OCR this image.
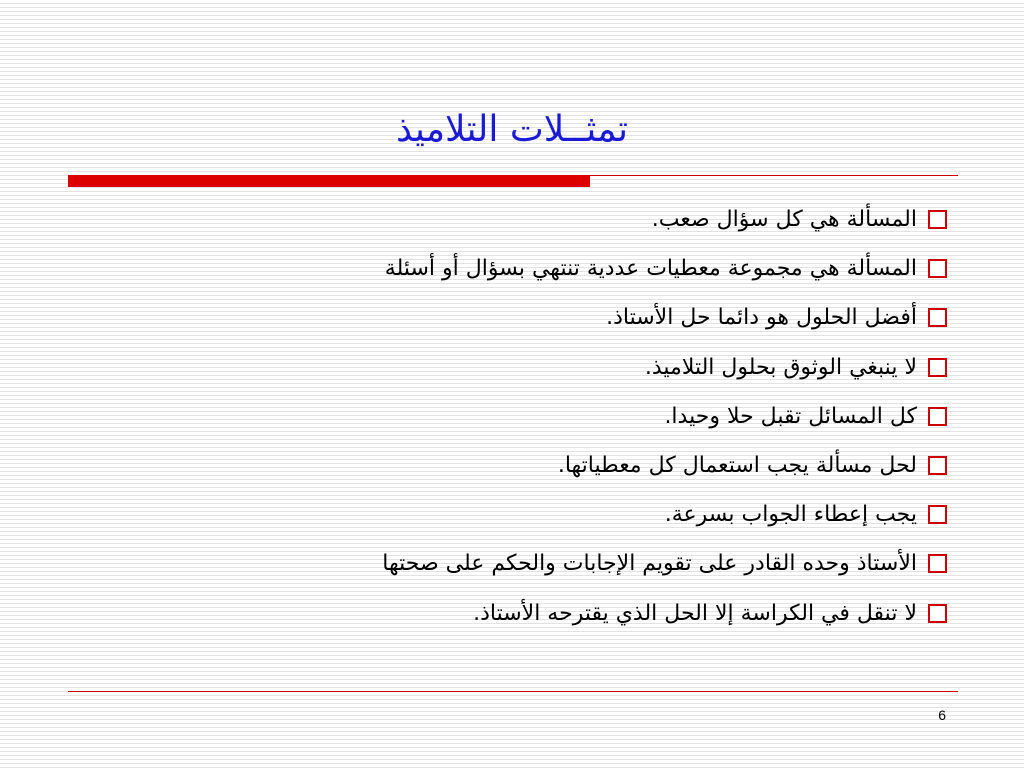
تمثــلات التلاميذ
المسألة هي كل سؤال صعب.
المسألة هي مجموعة معطيات عددية تنتهي بسؤال أو أسئلة
أفضل الحلول هو دائما حل الأستاذ.
لا ينبغي الوثوق بحلول التلاميذ.
كل المسائل تقبل حلا وحيدا.
لحل مسألة يجب استعمال كل معطياتها.
يجب إعطاء الجواب بسرعة.
الأستاذ وحده القادر على تقويم الإجابات والحكم على صحتها
لا تنقل في الكراسة إلا الحل الذي يقترحه الأستاذ.
6
